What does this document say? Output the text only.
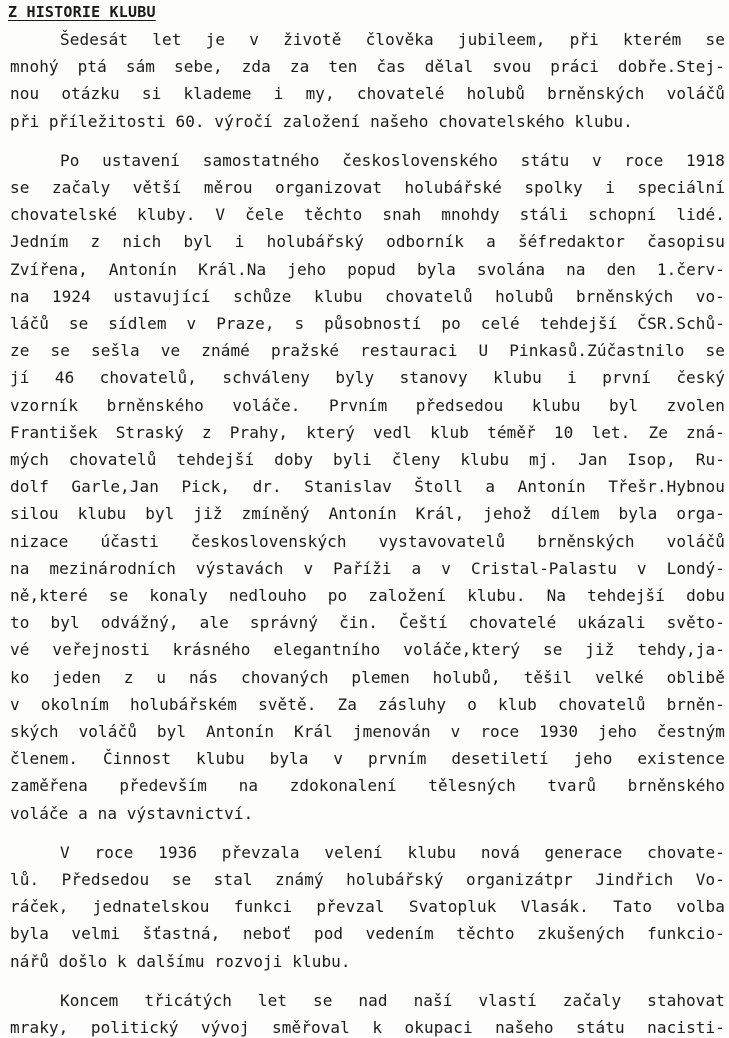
Z HISTORIE KLUBU
Šedesát let je v životě člověka jubileem, při kterém se
mnohý ptá sám sebe, zda za ten čas dělal svou práci dobře.Stej-
nou otázku si klademe i my, chovatelé holubů brněnských voláčů
při příležitosti 60. výročí založení našeho chovatelského klubu.
Po ustavení samostatného československého státu v roce 1918
se začaly větší měrou organizovat holubářské spolky i speciální
chovatelské kluby. V čele těchto snah mnohdy stáli schopní lidé.
Jedním z nich byl i holubářský odborník a šéfredaktor časopisu
Zvířena, Antonín Král.Na jeho popud byla svolána na den 1.červ-
na 1924 ustavující schůze klubu chovatelů holubů brněnských vo-
láčů se sídlem v Praze, s působností po celé tehdejší ČSR.Schů-
ze se sešla ve známé pražské restauraci U Pinkasů.Zúčastnilo se
jí 46 chovatelů, schváleny byly stanovy klubu i první český
vzorník brněnského voláče. Prvním předsedou klubu byl zvolen
František Straský z Prahy, který vedl klub téměř 10 let. Ze zná-
mých chovatelů tehdejší doby byli členy klubu mj. Jan Isop, Ru-
dolf Garle,Jan Pick, dr. Stanislav Štoll a Antonín Třešr.Hybnou
silou klubu byl již zmíněný Antonín Král, jehož dílem byla orga-
nizace účasti československých vystavovatelů brněnských voláčů
na mezinárodních výstavách v Paříži a v Cristal-Palastu v Londý-
ně,které se konaly nedlouho po založení klubu. Na tehdejší dobu
to byl odvážný, ale správný čin. Čeští chovatelé ukázali světo-
vé veřejnosti krásného elegantního voláče,který se již tehdy,ja-
ko jeden z u nás chovaných plemen holubů, těšil velké oblibě
v okolním holubářském světě. Za zásluhy o klub chovatelů brněn-
ských voláčů byl Antonín Král jmenován v roce 1930 jeho čestným
členem. Činnost klubu byla v prvním desetiletí jeho existence
zaměřena především na zdokonalení tělesných tvarů brněnského
voláče a na výstavnictví.
V roce 1936 převzala velení klubu nová generace chovate-
lů. Předsedou se stal známý holubářský organizátpr Jindřich Vo-
ráček, jednatelskou funkci převzal Svatopluk Vlasák. Tato volba
byla velmi šťastná, neboť pod vedením těchto zkušených funkcio-
nářů došlo k dalšímu rozvoji klubu.
Koncem třicátých let se nad naší vlastí začaly stahovat
mraky, politický vývoj směřoval k okupaci našeho státu nacisti-
